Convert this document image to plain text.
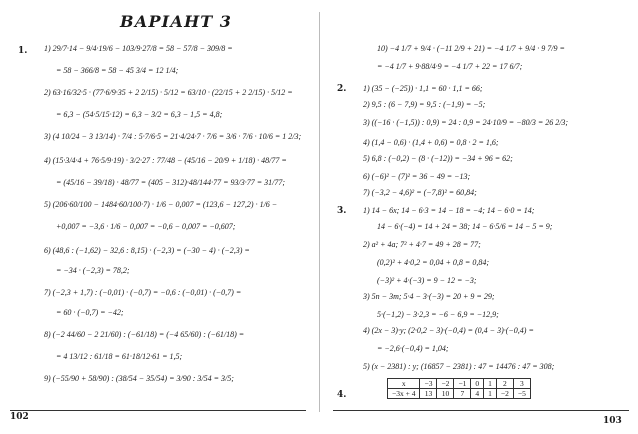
ВАРІАНТ 3
1. 1) 29/7·14 − 9/4·19/6 − 103/9·27/8 = 58 − 57/8 − 309/8 =
= 58 − 366/8 = 58 − 45 3/4 = 12 1/4;
2) 63·16/32·5 · (77·6/9·35 + 2 2/15) · 5/12 = 63/10 · (22/15 + 2 2/15) · 5/12 =
= 6,3 − (54·5/15·12) = 6,3 − 3/2 = 6,3 − 1,5 = 4,8;
3) (4 10/24 − 3 13/14) · 7/4 : 5·7/6·5 = 21·4/24·7 · 7/6 = 3/6 · 7/6 · 10/6 = 1 2/3;
4) (15·3/4·4 + 76·5/9·19) · 3/2·27 : 77/48 − (45/16 − 20/9 + 1/18) · 48/77 =
= (45/16 − 39/18) · 48/77 = (405 − 312)·48/144·77 = 93/3·77 = 31/77;
5) (206·60/100 − 1484·60/100·7) · 1/6 − 0,007 = (123,6 − 127,2) · 1/6 −
+0,007 = −3,6 · 1/6 − 0,007 = −0,6 − 0,007 = −0,607;
6) (48,6 : (−1,62) − 32,6 : 8,15) · (−2,3) = (−30 − 4) · (−2,3) =
= −34 · (−2,3) = 78,2;
7) (−2,3 + 1,7) : (−0,01) · (−0,7) = −0,6 : (−0,01) · (−0,7) =
= 60 · (−0,7) = −42;
8) (−2 44/60 − 2 21/60) : (−61/18) = (−4 65/60) : (−61/18) =
= 4 13/12 : 61/18 = 61·18/12·61 = 1,5;
9) (−55/90 + 58/90) : (38/54 − 35/54) = 3/90 : 3/54 = 3/5;
102
10) −4 1/7 + 9/4 · (−11 2/9 + 21) = −4 1/7 + 9/4 · 9 7/9 =
= −4 1/7 + 9·88/4·9 = −4 1/7 + 22 = 17 6/7;
2. 1) (35 − (−25)) · 1,1 = 60 · 1,1 = 66;
2) 9,5 : (6 − 7,9) = 9,5 : (−1,9) = −5;
3) ((−16 · (−1,5)) : 0,9) = 24 : 0,9 = 24·10/9 = −80/3 = 26 2/3;
4) (1,4 − 0,6) · (1,4 + 0,6) = 0,8 · 2 = 1,6;
5) 6,8 : (−0,2) − (8 · (−12)) = −34 + 96 = 62;
6) (−6)² − (7)² = 36 − 49 = −13;
7) (−3,2 − 4,6)² = (−7,8)² = 60,84;
3. 1) 14 − 6x; 14 − 6·3 = 14 − 18 = −4; 14 − 6·0 = 14;
14 − 6·(−4) = 14 + 24 = 38; 14 − 6·5/6 = 14 − 5 = 9;
2) a² + 4a; 7² + 4·7 = 49 + 28 = 77;
(0,2)² + 4·0,2 = 0,04 + 0,8 = 0,84;
(−3)² + 4·(−3) = 9 − 12 = −3;
3) 5n − 3m; 5·4 − 3·(−3) = 20 + 9 = 29;
5·(−1,2) − 3·2,3 = −6 − 6,9 = −12,9;
4) (2x − 3)·y; (2·0,2 − 3)·(−0,4) = (0,4 − 3)·(−0,4) =
= −2,6·(−0,4) = 1,04;
5) (x − 2381) : y; (16857 − 2381) : 47 = 14476 : 47 = 308;
4.
x	−3	−2	−1	0	1	2	3
−3x + 4	13	10	7	4	1	−2	−5
103
